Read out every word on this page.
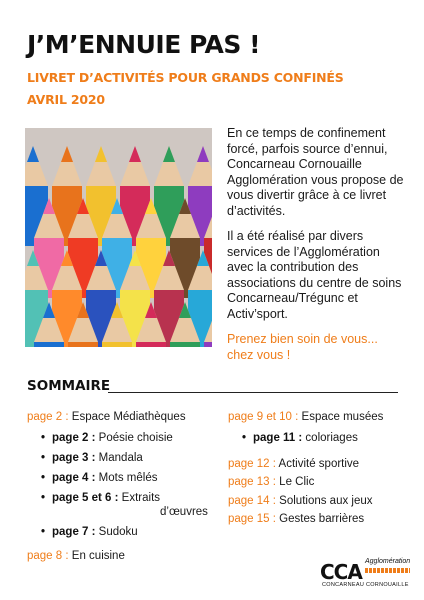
J’M’ENNUIE PAS !
LIVRET D’ACTIVITÉS POUR GRANDS CONFINÉS
AVRIL 2020

En ce temps de confinement forcé, parfois source d’ennui, Concarneau Cornouaille Agglomération vous propose de vous divertir grâce à ce livret d’activités.

Il a été réalisé par divers services de l’Agglomération avec la contribution des associations du centre de soins Concarneau/Trégunc et Activ’sport.

Prenez bien soin de vous... chez vous !

SOMMAIRE
page 2 : Espace Médiathèques
• page 2 : Poésie choisie
• page 3 : Mandala
• page 4 : Mots mêlés
• page 5 et 6 : Extraits
d’œuvres
• page 7 : Sudoku
page 8 : En cuisine
page 9 et 10 : Espace musées
• page 11 : coloriages
page 12 : Activité sportive
page 13 : Le Clic
page 14 : Solutions aux jeux
page 15 : Gestes barrières
CCA Agglomération
CONCARNEAU CORNOUAILLE
